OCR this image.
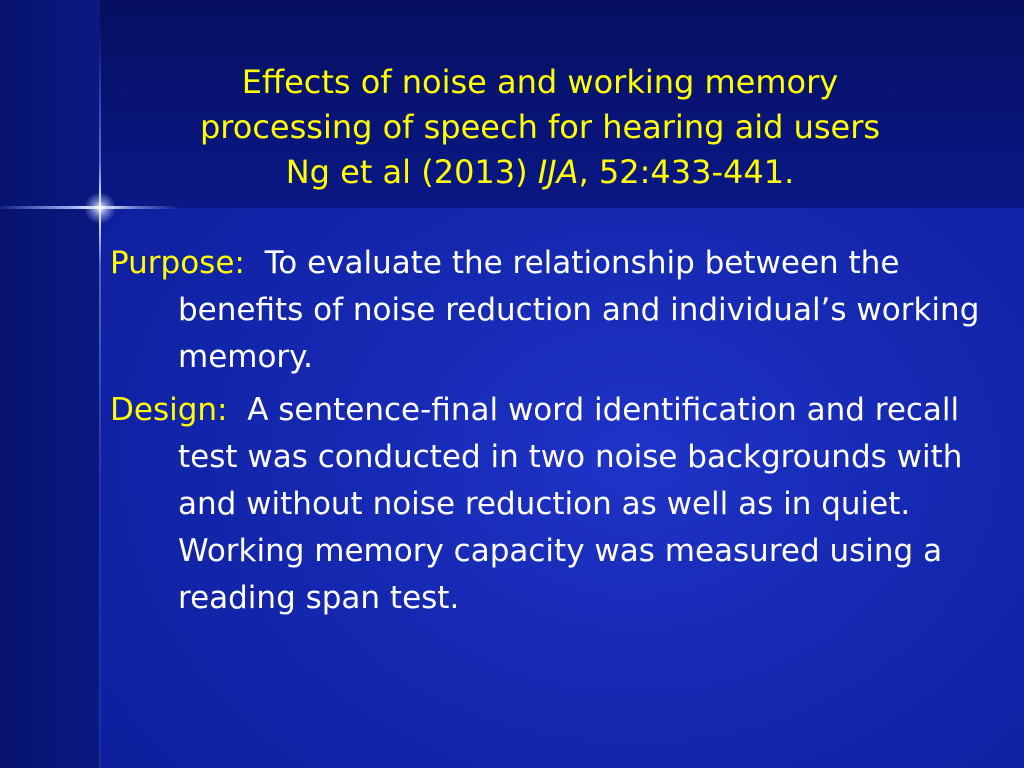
Effects of noise and working memory
processing of speech for hearing aid users
Ng et al (2013) IJA, 52:433-441.

Purpose: To evaluate the relationship between the benefits of noise reduction and individual’s working memory.

Design: A sentence-final word identification and recall test was conducted in two noise backgrounds with and without noise reduction as well as in quiet. Working memory capacity was measured using a reading span test.
